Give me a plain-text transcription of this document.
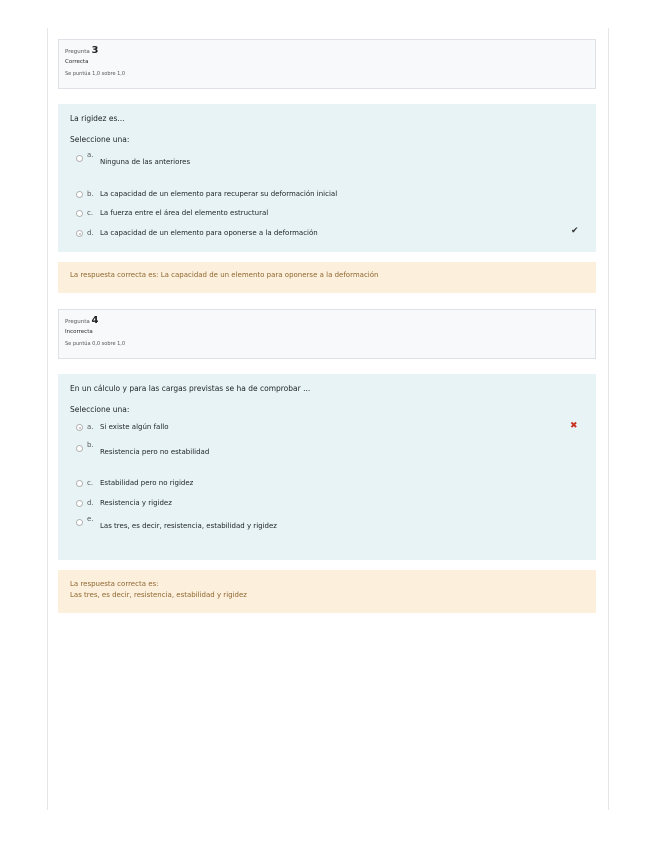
Pregunta 3
Correcta
Se puntúa 1,0 sobre 1,0
La rigidez es...
Seleccione una:
a.
Ninguna de las anteriores
b. La capacidad de un elemento para recuperar su deformación inicial
c. La fuerza entre el área del elemento estructural
d. La capacidad de un elemento para oponerse a la deformación	✔
La respuesta correcta es: La capacidad de un elemento para oponerse a la deformación
Pregunta 4
Incorrecta
Se puntúa 0,0 sobre 1,0
En un cálculo y para las cargas previstas se ha de comprobar ...
Seleccione una:
a. Si existe algún fallo
b.
Resistencia pero no estabilidad
c. Estabilidad pero no rigidez
d. Resistencia y rigidez
e.
Las tres, es decir, resistencia, estabilidad y rigidez
✖
La respuesta correcta es:
Las tres, es decir, resistencia, estabilidad y rigidez
